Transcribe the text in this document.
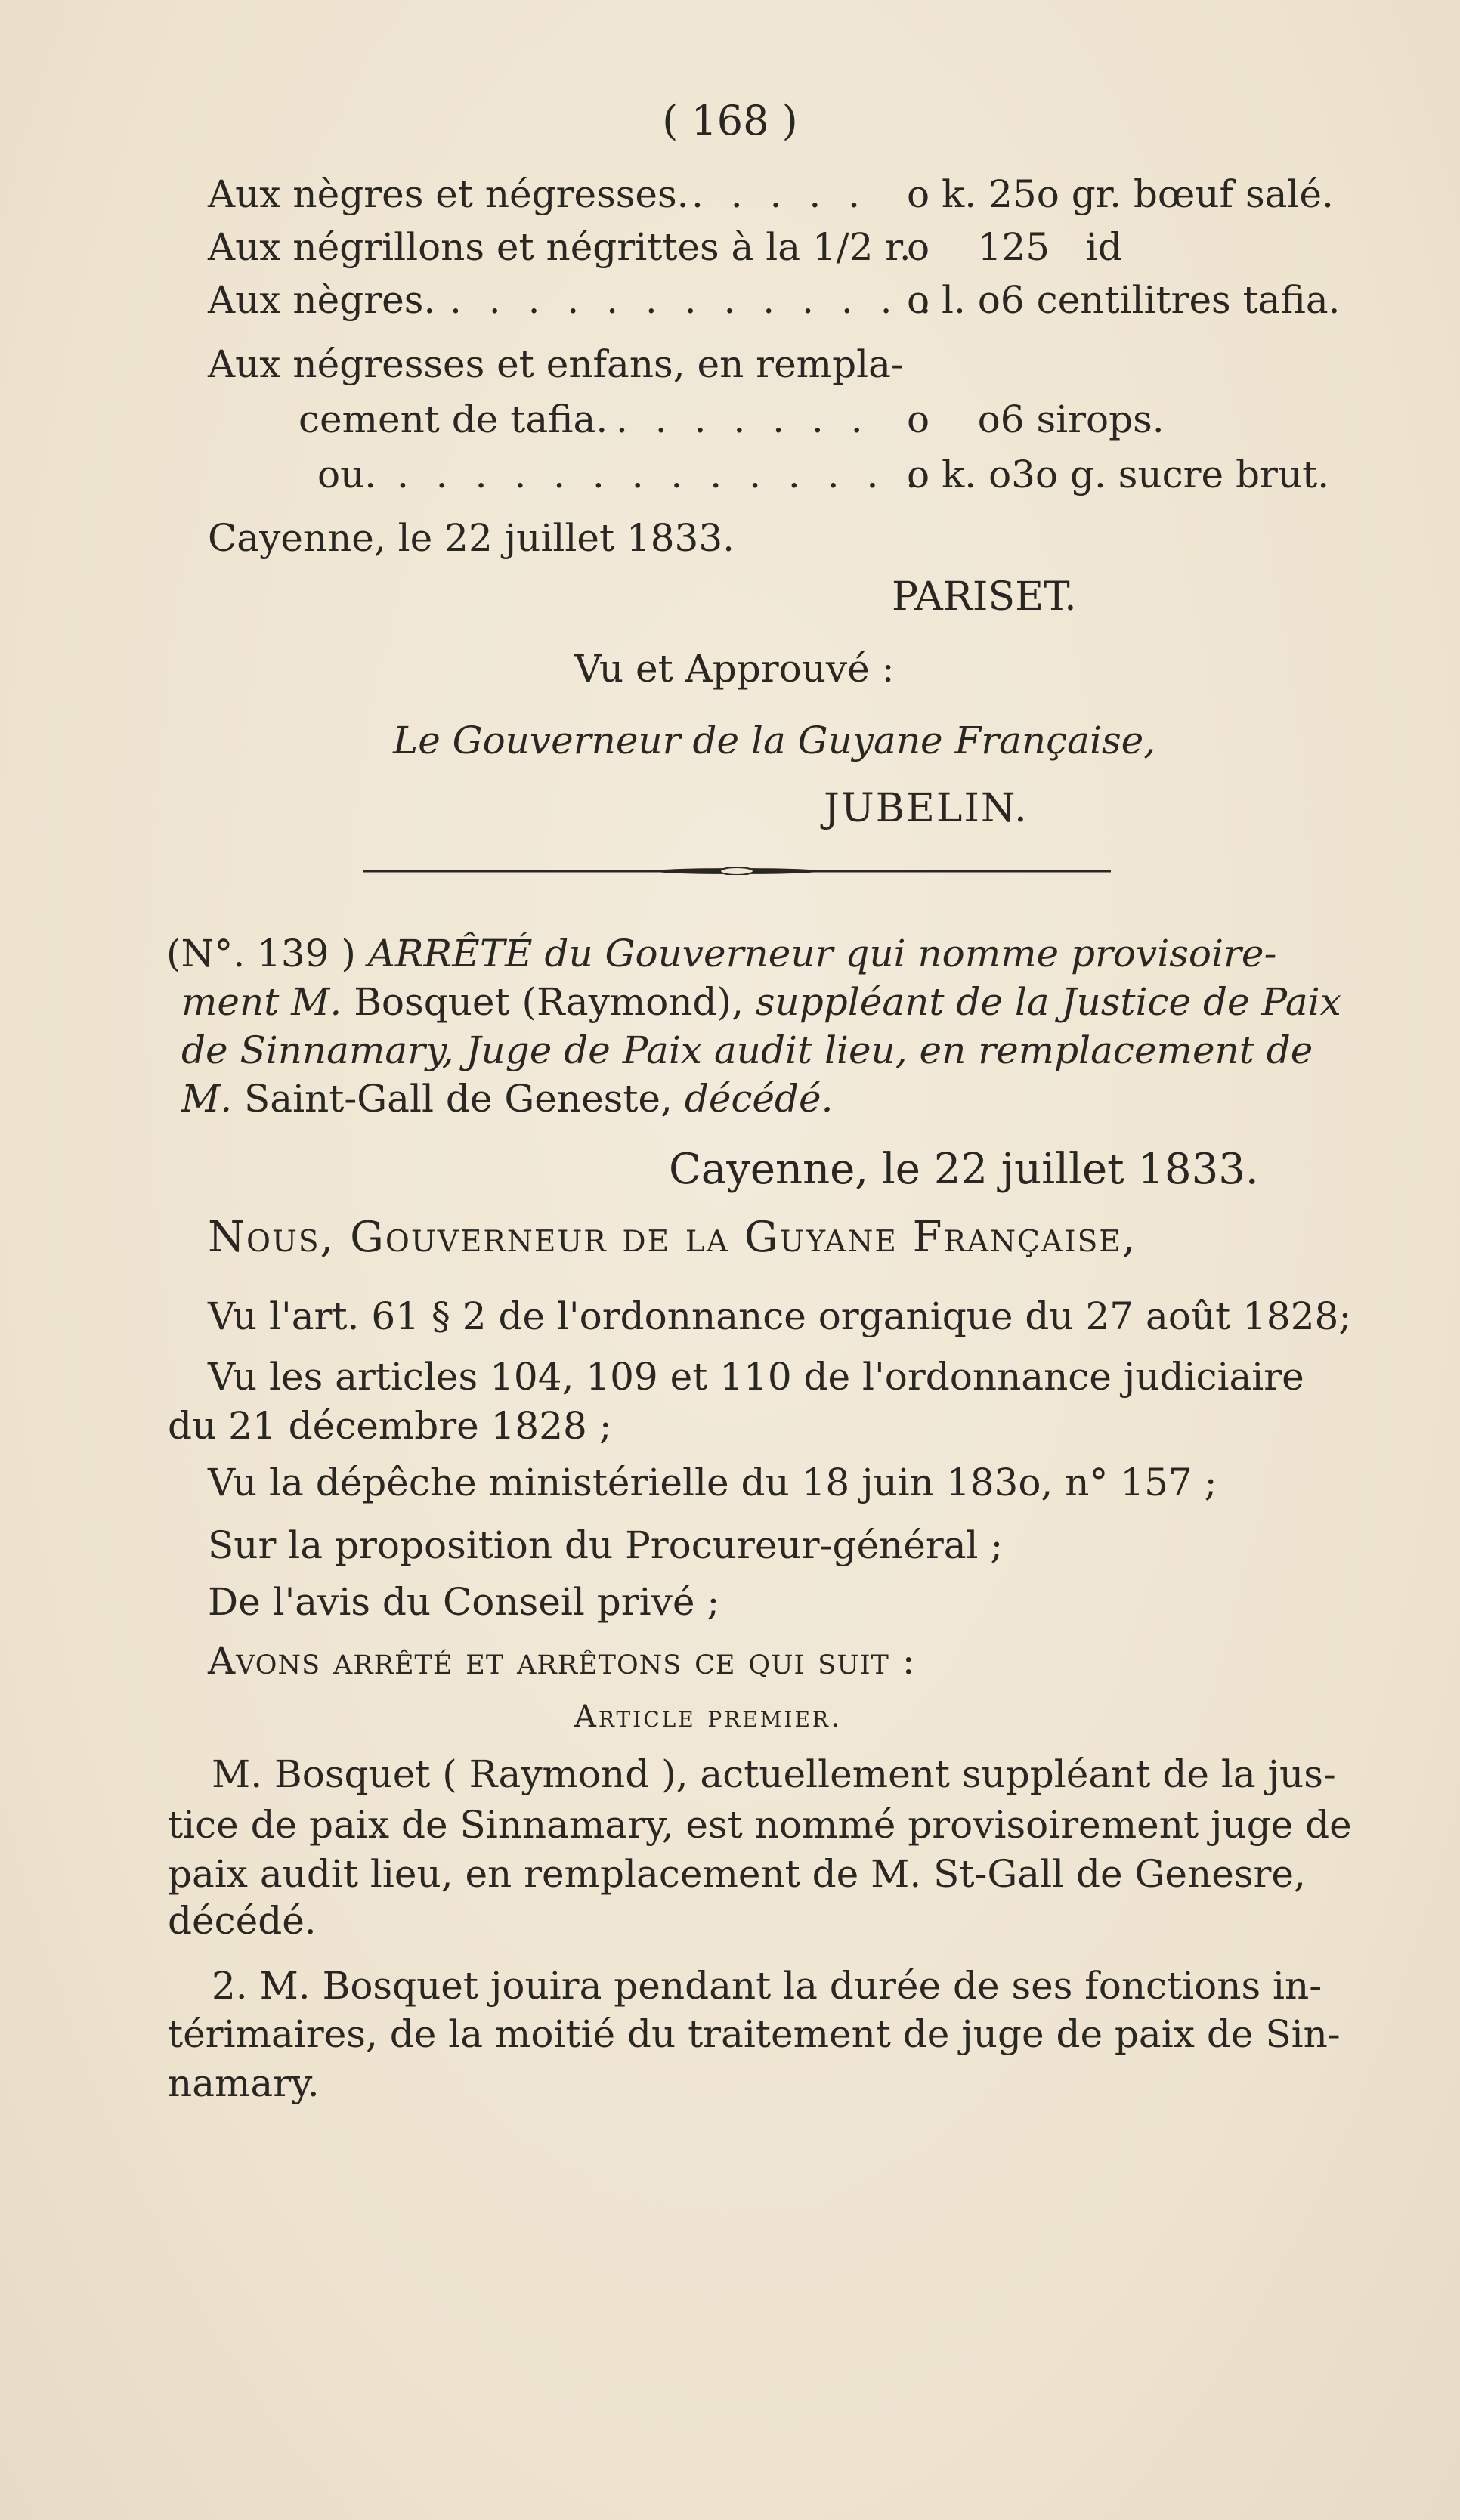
( 168 )
Aux nègres et négresses. . . . . . o k. 25o gr. bœuf salé.
Aux négrillons et négrittes à la 1/2 r.
o    125   id
Aux nègres. . . . . . . . . . . . . .
o l. o6 centilitres tafia.
Aux négresses et enfans, en rempla-
cement de tafia. . . . . . . . o    o6 sirops.
ou. . . . . . . . . . . . . . .
o k. o3o g. sucre brut.
Cayenne, le 22 juillet 1833.
PARISET.
Vu et Approuvé :
Le Gouverneur de la Guyane Française,
JUBELIN.
(N°. 139 ) ARRÊTÉ du Gouverneur qui nomme provisoire-
ment M. Bosquet (Raymond), suppléant de la Justice de Paix
de Sinnamary, Juge de Paix audit lieu, en remplacement de
M. Saint-Gall de Geneste, décédé.
Cayenne, le 22 juillet 1833.
Nous, Gouverneur de la Guyane Française,
Vu l'art. 61 § 2 de l'ordonnance organique du 27 août 1828;
Vu les articles 104, 109 et 110 de l'ordonnance judiciaire
du 21 décembre 1828 ;
Vu la dépêche ministérielle du 18 juin 183o, n° 157 ;
Sur la proposition du Procureur-général ;
De l'avis du Conseil privé ;
Avons arrêté et arrêtons ce qui suit :
Article premier.
M. Bosquet ( Raymond ), actuellement suppléant de la jus-
tice de paix de Sinnamary, est nommé provisoirement juge de
paix audit lieu, en remplacement de M. St-Gall de Genesre,
décédé.
2. M. Bosquet jouira pendant la durée de ses fonctions in-
térimaires, de la moitié du traitement de juge de paix de Sin-
namary.
